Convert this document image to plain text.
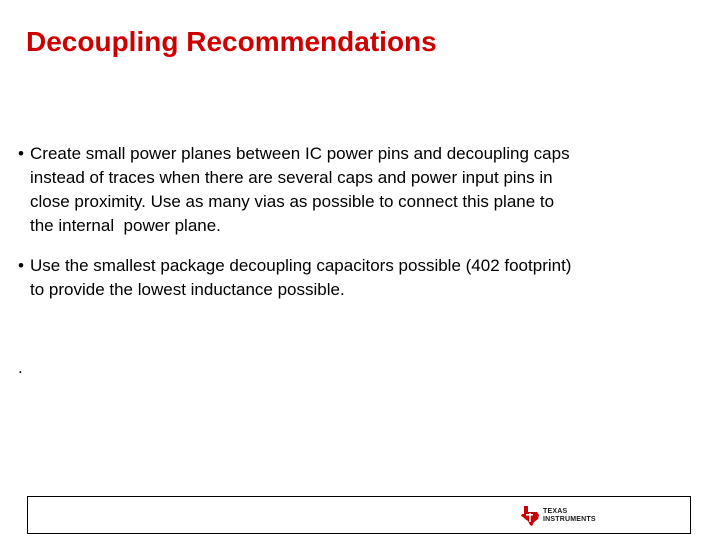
Decoupling Recommendations
• Create small power planes between IC power pins and decoupling caps
instead of traces when there are several caps and power input pins in
close proximity. Use as many vias as possible to connect this plane to
the internal  power plane.
• Use the smallest package decoupling capacitors possible (402 footprint)
to provide the lowest inductance possible.
.
TEXAS
INSTRUMENTS
